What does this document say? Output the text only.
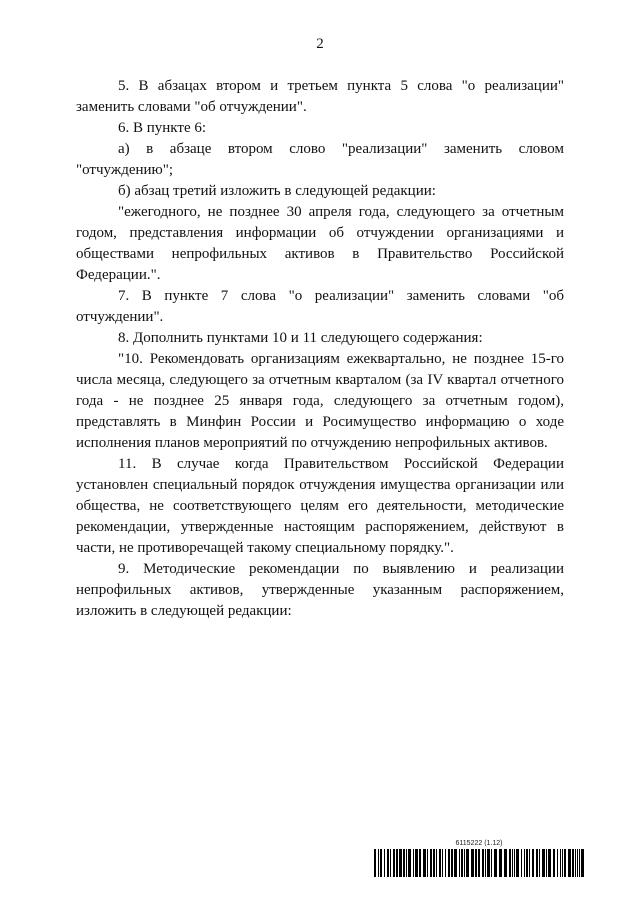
2

5. В абзацах втором и третьем пункта 5 слова "о реализации" заменить словами "об отчуждении".

6. В пункте 6:

а) в абзаце втором слово "реализации" заменить словом "отчуждению";

б) абзац третий изложить в следующей редакции:

"ежегодного, не позднее 30 апреля года, следующего за отчетным годом, представления информации об отчуждении организациями и обществами непрофильных активов в Правительство Российской Федерации.".

7. В пункте 7 слова "о реализации" заменить словами "об отчуждении".

8. Дополнить пунктами 10 и 11 следующего содержания:

"10. Рекомендовать организациям ежеквартально, не позднее 15-го числа месяца, следующего за отчетным кварталом (за IV квартал отчетного года - не позднее 25 января года, следующего за отчетным годом), представлять в Минфин России и Росимущество информацию о ходе исполнения планов мероприятий по отчуждению непрофильных активов.

11. В случае когда Правительством Российской Федерации установлен специальный порядок отчуждения имущества организации или общества, не соответствующего целям его деятельности, методические рекомендации, утвержденные настоящим распоряжением, действуют в части, не противоречащей такому специальному порядку.".

9. Методические рекомендации по выявлению и реализации непрофильных активов, утвержденные указанным распоряжением, изложить в следующей редакции:

6115222 (1.12)
